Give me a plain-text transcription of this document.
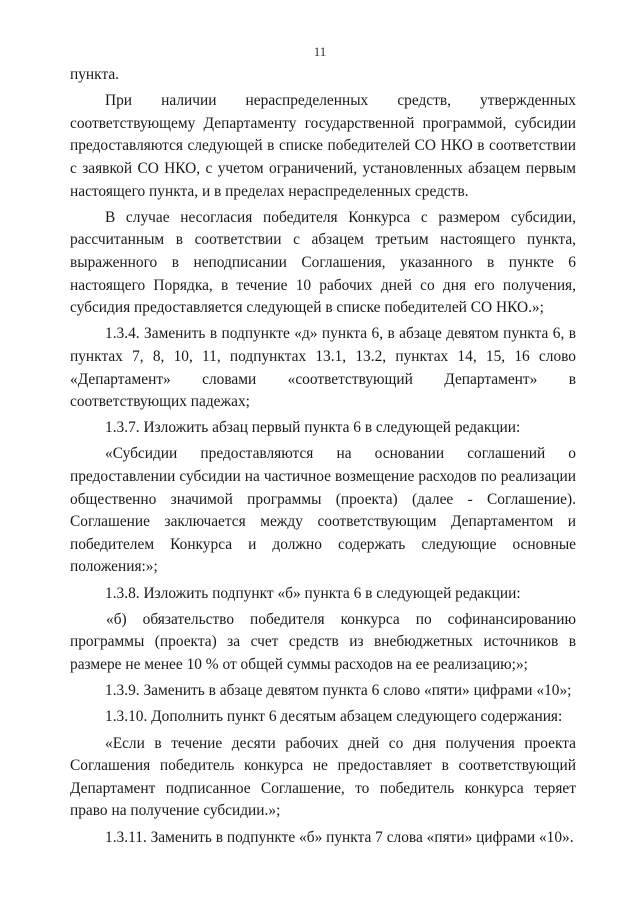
11

пункта.

При наличии нераспределенных средств, утвержденных соответствующему Департаменту государственной программой, субсидии предоставляются следующей в списке победителей СО НКО в соответствии с заявкой СО НКО, с учетом ограничений, установленных абзацем первым настоящего пункта, и в пределах нераспределенных средств.

В случае несогласия победителя Конкурса с размером субсидии, рассчитанным в соответствии с абзацем третьим настоящего пункта, выраженного в неподписании Соглашения, указанного в пункте 6 настоящего Порядка, в течение 10 рабочих дней со дня его получения, субсидия предоставляется следующей в списке победителей СО НКО.»;

1.3.4. Заменить в подпункте «д» пункта 6, в абзаце девятом пункта 6, в пунктах 7, 8, 10, 11, подпунктах 13.1, 13.2, пунктах 14, 15, 16 слово «Департамент» словами «соответствующий Департамент» в соответствующих падежах;

1.3.7. Изложить абзац первый пункта 6 в следующей редакции:

«Субсидии предоставляются на основании соглашений о предоставлении субсидии на частичное возмещение расходов по реализации общественно значимой программы (проекта) (далее - Соглашение). Соглашение заключается между соответствующим Департаментом и победителем Конкурса и должно содержать следующие основные положения:»;

1.3.8. Изложить подпункт «б» пункта 6 в следующей редакции:

«б) обязательство победителя конкурса по софинансированию программы (проекта) за счет средств из внебюджетных источников в размере не менее 10 % от общей суммы расходов на ее реализацию;»;

1.3.9. Заменить в абзаце девятом пункта 6 слово «пяти» цифрами «10»;

1.3.10. Дополнить пункт 6 десятым абзацем следующего содержания:

«Если в течение десяти рабочих дней со дня получения проекта Соглашения победитель конкурса не предоставляет в соответствующий Департамент подписанное Соглашение, то победитель конкурса теряет право на получение субсидии.»;

1.3.11. Заменить в подпункте «б» пункта 7 слова «пяти» цифрами «10».
